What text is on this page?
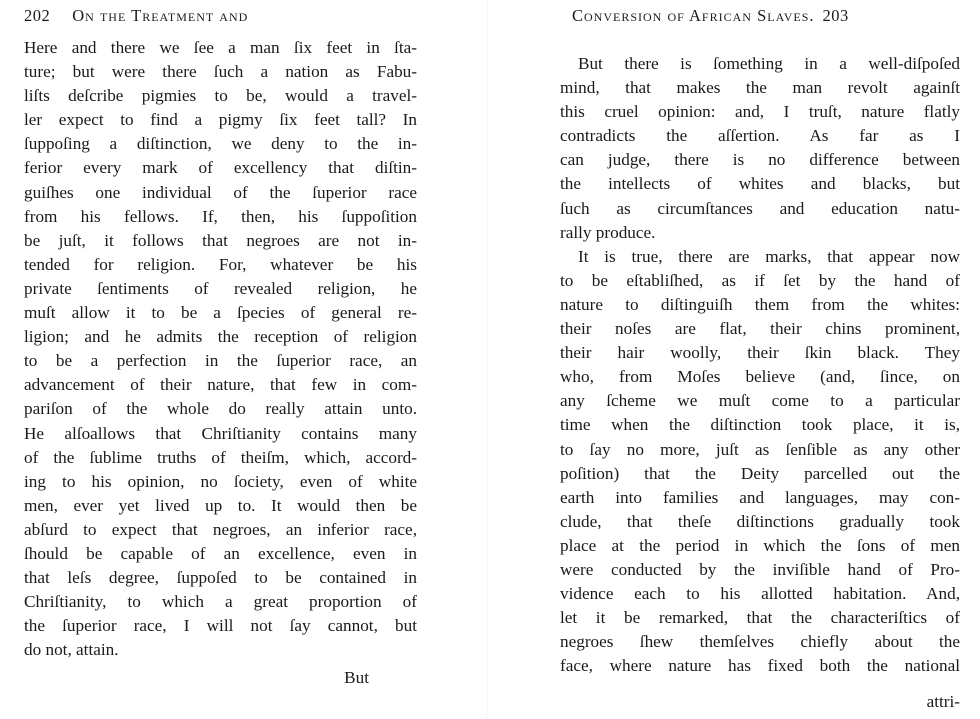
202 On the Treatment and
Here and there we ſee a man ſix feet in ſta-
ture; but were there ſuch a nation as Fabu-
liſts deſcribe pigmies to be, would a travel-
ler expect to find a pigmy ſix feet tall? In
ſuppoſing a diſtinction, we deny to the in-
ferior every mark of excellency that diſtin-
guiſhes one individual of the ſuperior race
from his fellows. If, then, his ſuppoſition
be juſt, it follows that negroes are not in-
tended for religion. For, whatever be his
private ſentiments of revealed religion, he
muſt allow it to be a ſpecies of general re-
ligion; and he admits the reception of religion
to be a perfection in the ſuperior race, an
advancement of their nature, that few in com-
pariſon of the whole do really attain unto.
He alſoallows that Chriſtianity contains many
of the ſublime truths of theiſm, which, accord-
ing to his opinion, no ſociety, even of white
men, ever yet lived up to. It would then be
abſurd to expect that negroes, an inferior race,
ſhould be capable of an excellence, even in
that leſs degree, ſuppoſed to be contained in
Chriſtianity, to which a great proportion of
the ſuperior race, I will not ſay cannot, but
do not, attain.
But
Conversion of African Slaves. 203
But there is ſomething in a well-diſpoſed
mind, that makes the man revolt againſt
this cruel opinion: and, I truſt, nature flatly
contradicts the aſſertion. As far as I
can judge, there is no difference between
the intellects of whites and blacks, but
ſuch as circumſtances and education natu-
rally produce.
It is true, there are marks, that appear now
to be eſtabliſhed, as if ſet by the hand of
nature to diſtinguiſh them from the whites:
their noſes are flat, their chins prominent,
their hair woolly, their ſkin black. They
who, from Moſes believe (and, ſince, on
any ſcheme we muſt come to a particular
time when the diſtinction took place, it is,
to ſay no more, juſt as ſenſible as any other
poſition) that the Deity parcelled out the
earth into families and languages, may con-
clude, that theſe diſtinctions gradually took
place at the period in which the ſons of men
were conducted by the inviſible hand of Pro-
vidence each to his allotted habitation. And,
let it be remarked, that the characteriſtics of
negroes ſhew themſelves chiefly about the
face, where nature has fixed both the national
attri-
